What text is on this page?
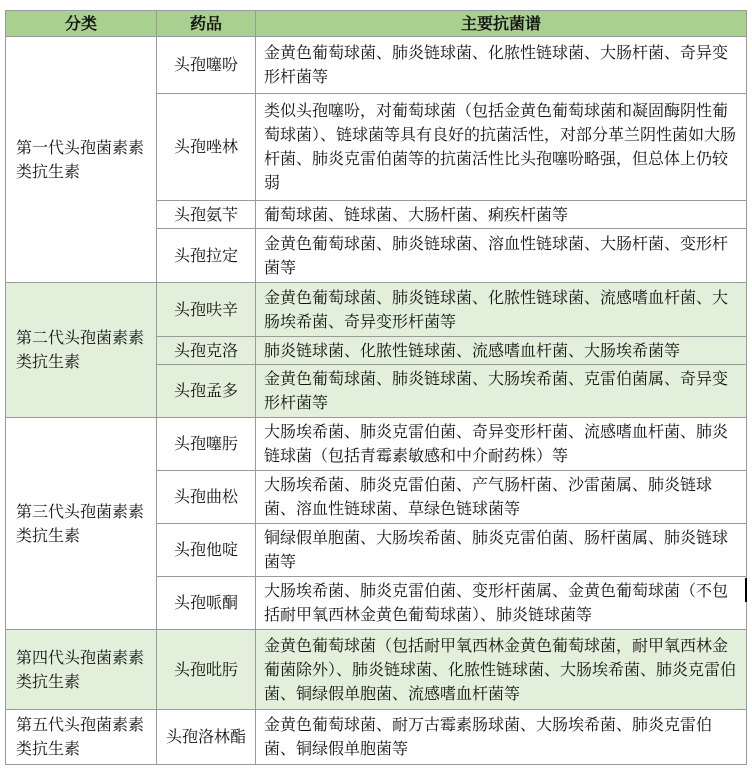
分类	药品	主要抗菌谱
第一代头孢菌素素类抗生素	头孢噻吩	金黄色葡萄球菌、肺炎链球菌、化脓性链球菌、大肠杆菌、奇异变形杆菌等
	头孢唑林	类似头孢噻吩，对葡萄球菌（包括金黄色葡萄球菌和凝固酶阴性葡萄球菌）、链球菌等具有良好的抗菌活性，对部分革兰阴性菌如大肠杆菌、肺炎克雷伯菌等的抗菌活性比头孢噻吩略强，但总体上仍较弱
	头孢氨苄	葡萄球菌、链球菌、大肠杆菌、痢疾杆菌等
	头孢拉定	金黄色葡萄球菌、肺炎链球菌、溶血性链球菌、大肠杆菌、变形杆菌等
第二代头孢菌素素类抗生素	头孢呋辛	金黄色葡萄球菌、肺炎链球菌、化脓性链球菌、流感嗜血杆菌、大肠埃希菌、奇异变形杆菌等
	头孢克洛	肺炎链球菌、化脓性链球菌、流感嗜血杆菌、大肠埃希菌等
	头孢孟多	金黄色葡萄球菌、肺炎链球菌、大肠埃希菌、克雷伯菌属、奇异变形杆菌等
第三代头孢菌素素类抗生素	头孢噻肟	大肠埃希菌、肺炎克雷伯菌、奇异变形杆菌、流感嗜血杆菌、肺炎链球菌（包括青霉素敏感和中介耐药株）等
	头孢曲松	大肠埃希菌、肺炎克雷伯菌、产气肠杆菌、沙雷菌属、肺炎链球菌、溶血性链球菌、草绿色链球菌等
	头孢他啶	铜绿假单胞菌、大肠埃希菌、肺炎克雷伯菌、肠杆菌属、肺炎链球菌等
	头孢哌酮	大肠埃希菌、肺炎克雷伯菌、变形杆菌属、金黄色葡萄球菌（不包括耐甲氧西林金黄色葡萄球菌）、肺炎链球菌等
第四代头孢菌素素类抗生素	头孢吡肟	金黄色葡萄球菌（包括耐甲氧西林金黄色葡萄球菌，耐甲氧西林金葡菌除外）、肺炎链球菌、化脓性链球菌、大肠埃希菌、肺炎克雷伯菌、铜绿假单胞菌、流感嗜血杆菌等
第五代头孢菌素素类抗生素	头孢洛林酯	金黄色葡萄球菌、耐万古霉素肠球菌、大肠埃希菌、肺炎克雷伯菌、铜绿假单胞菌等
